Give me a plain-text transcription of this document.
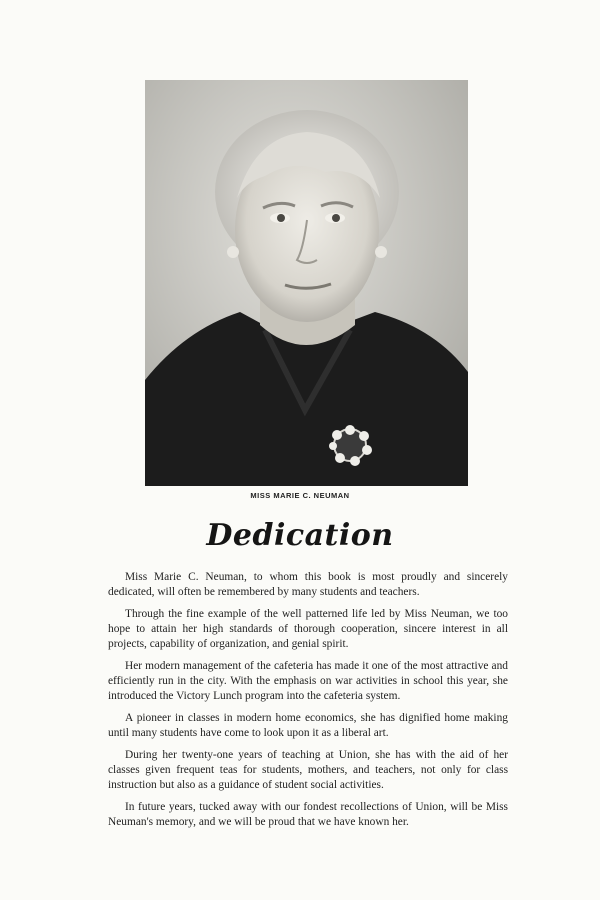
MISS MARIE C. NEUMAN
Dedication

Miss Marie C. Neuman, to whom this book is most proudly and sincerely dedicated, will often be remembered by many students and teachers.

Through the fine example of the well patterned life led by Miss Neuman, we too hope to attain her high standards of thorough cooperation, sincere interest in all projects, capability of organization, and genial spirit.

Her modern management of the cafeteria has made it one of the most attractive and efficiently run in the city. With the emphasis on war activities in school this year, she introduced the Victory Lunch program into the cafeteria system.

A pioneer in classes in modern home economics, she has dignified home making until many students have come to look upon it as a liberal art.

During her twenty-one years of teaching at Union, she has with the aid of her classes given frequent teas for students, mothers, and teachers, not only for class instruction but also as a guidance of student social activities.

In future years, tucked away with our fondest recollections of Union, will be Miss Neuman's memory, and we will be proud that we have known her.
